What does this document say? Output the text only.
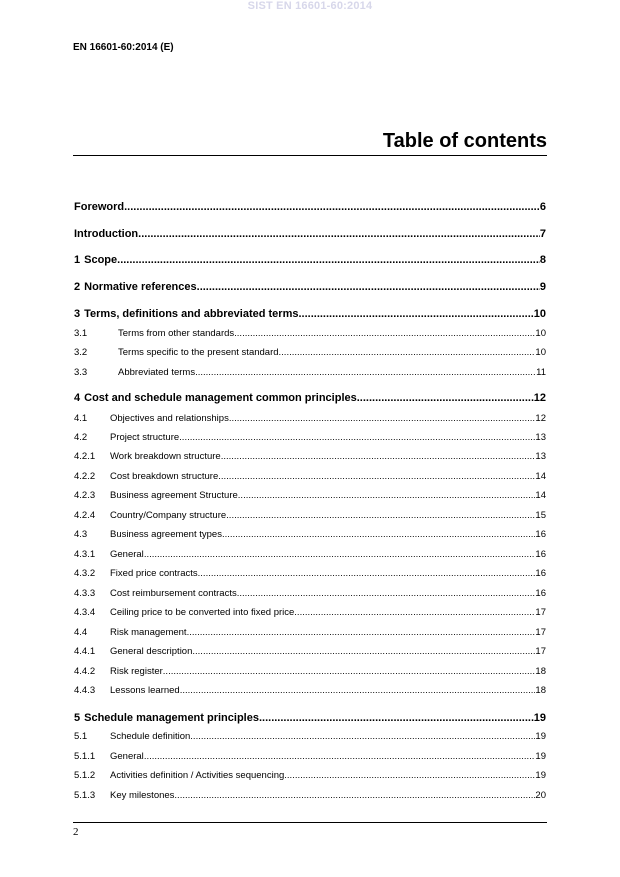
SIST EN 16601-60:2014
EN 16601-60:2014 (E)
Table of contents
Foreword .....	6
Introduction .....	7
1 Scope .....	8
2 Normative references .....	9
3 Terms, definitions and abbreviated terms .....	10
3.1	Terms from other standards .....	10
3.2	Terms specific to the present standard .....	10
3.3	Abbreviated terms .....	11
4 Cost and schedule management common principles .....	12
4.1	Objectives and relationships .....	12
4.2	Project structure .....	13
4.2.1	Work breakdown structure .....	13
4.2.2	Cost breakdown structure .....	14
4.2.3	Business agreement Structure .....	14
4.2.4	Country/Company structure .....	15
4.3	Business agreement types .....	16
4.3.1	General .....	16
4.3.2	Fixed price contracts .....	16
4.3.3	Cost reimbursement contracts .....	16
4.3.4	Ceiling price to be converted into fixed price .....	17
4.4	Risk management .....	17
4.4.1	General description .....	17
4.4.2	Risk register .....	18
4.4.3	Lessons learned .....	18
5 Schedule management principles .....	19
5.1	Schedule definition .....	19
5.1.1	General .....	19
5.1.2	Activities definition / Activities sequencing .....	19
5.1.3	Key milestones .....	20
2
